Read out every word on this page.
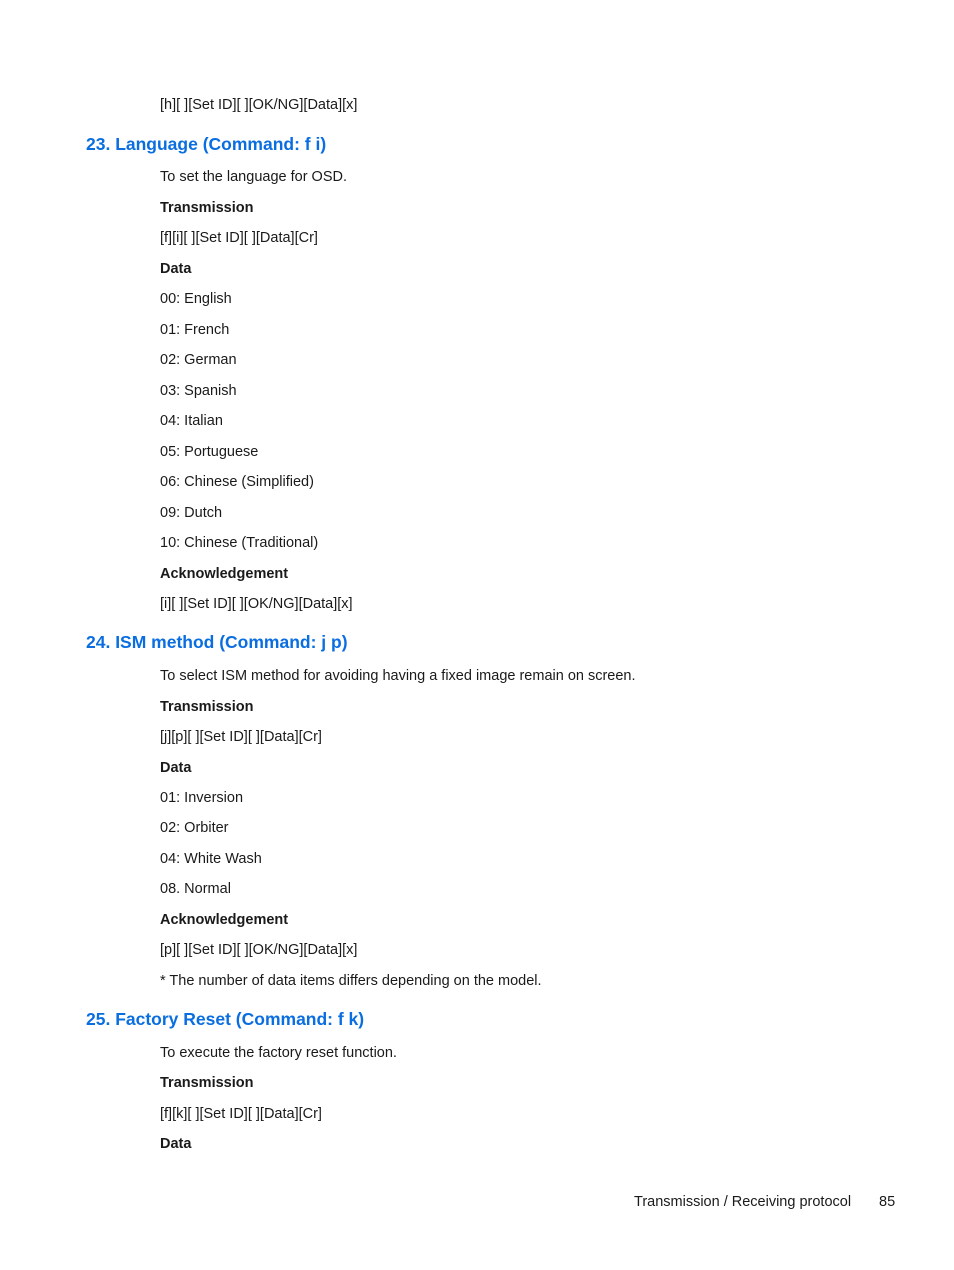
[h][ ][Set ID][ ][OK/NG][Data][x]
23. Language (Command: f i)
To set the language for OSD.
Transmission
[f][i][ ][Set ID][ ][Data][Cr]
Data
00: English
01: French
02: German
03: Spanish
04: Italian
05: Portuguese
06: Chinese (Simplified)
09: Dutch
10: Chinese (Traditional)
Acknowledgement
[i][ ][Set ID][ ][OK/NG][Data][x]
24. ISM method (Command: j p)
To select ISM method for avoiding having a fixed image remain on screen.
Transmission
[j][p][ ][Set ID][ ][Data][Cr]
Data
01: Inversion
02: Orbiter
04: White Wash
08. Normal
Acknowledgement
[p][ ][Set ID][ ][OK/NG][Data][x]
* The number of data items differs depending on the model.
25. Factory Reset (Command: f k)
To execute the factory reset function.
Transmission
[f][k][ ][Set ID][ ][Data][Cr]
Data
Transmission / Receiving protocol 85
